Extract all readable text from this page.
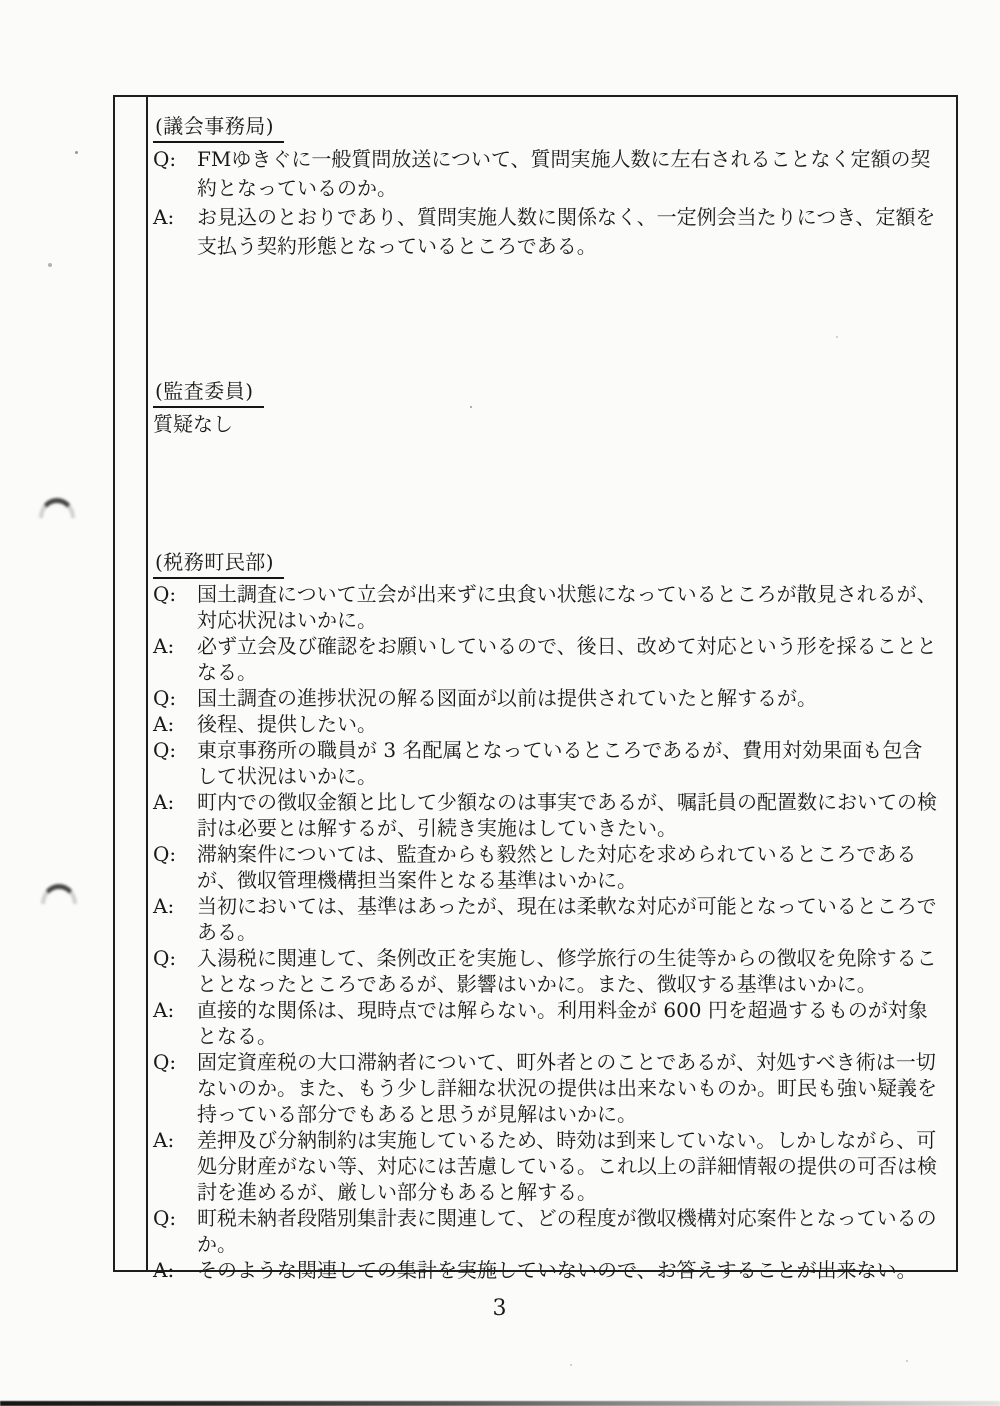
(議会事務局)
Q:	FMゆきぐに一般質問放送について、質問実施人数に左右されることなく定額の契約となっているのか。
A:	お見込のとおりであり、質問実施人数に関係なく、一定例会当たりにつき、定額を支払う契約形態となっているところである。
(監査委員)
質疑なし
(税務町民部)
Q:	国土調査について立会が出来ずに虫食い状態になっているところが散見されるが、対応状況はいかに。
A:	必ず立会及び確認をお願いしているので、後日、改めて対応という形を採ることとなる。
Q:	国土調査の進捗状況の解る図面が以前は提供されていたと解するが。
A:	後程、提供したい。
Q:	東京事務所の職員が 3 名配属となっているところであるが、費用対効果面も包含して状況はいかに。
A:	町内での徴収金額と比して少額なのは事実であるが、嘱託員の配置数においての検討は必要とは解するが、引続き実施はしていきたい。
Q:	滞納案件については、監査からも毅然とした対応を求められているところであるが、徴収管理機構担当案件となる基準はいかに。
A:	当初においては、基準はあったが、現在は柔軟な対応が可能となっているところである。
Q:	入湯税に関連して、条例改正を実施し、修学旅行の生徒等からの徴収を免除することとなったところであるが、影響はいかに。また、徴収する基準はいかに。
A:	直接的な関係は、現時点では解らない。利用料金が 600 円を超過するものが対象となる。
Q:	固定資産税の大口滞納者について、町外者とのことであるが、対処すべき術は一切ないのか。また、もう少し詳細な状況の提供は出来ないものか。町民も強い疑義を持っている部分でもあると思うが見解はいかに。
A:	差押及び分納制約は実施しているため、時効は到来していない。しかしながら、可処分財産がない等、対応には苦慮している。これ以上の詳細情報の提供の可否は検討を進めるが、厳しい部分もあると解する。
Q:	町税未納者段階別集計表に関連して、どの程度が徴収機構対応案件となっているのか。
A:	そのような関連しての集計を実施していないので、お答えすることが出来ない。
3
